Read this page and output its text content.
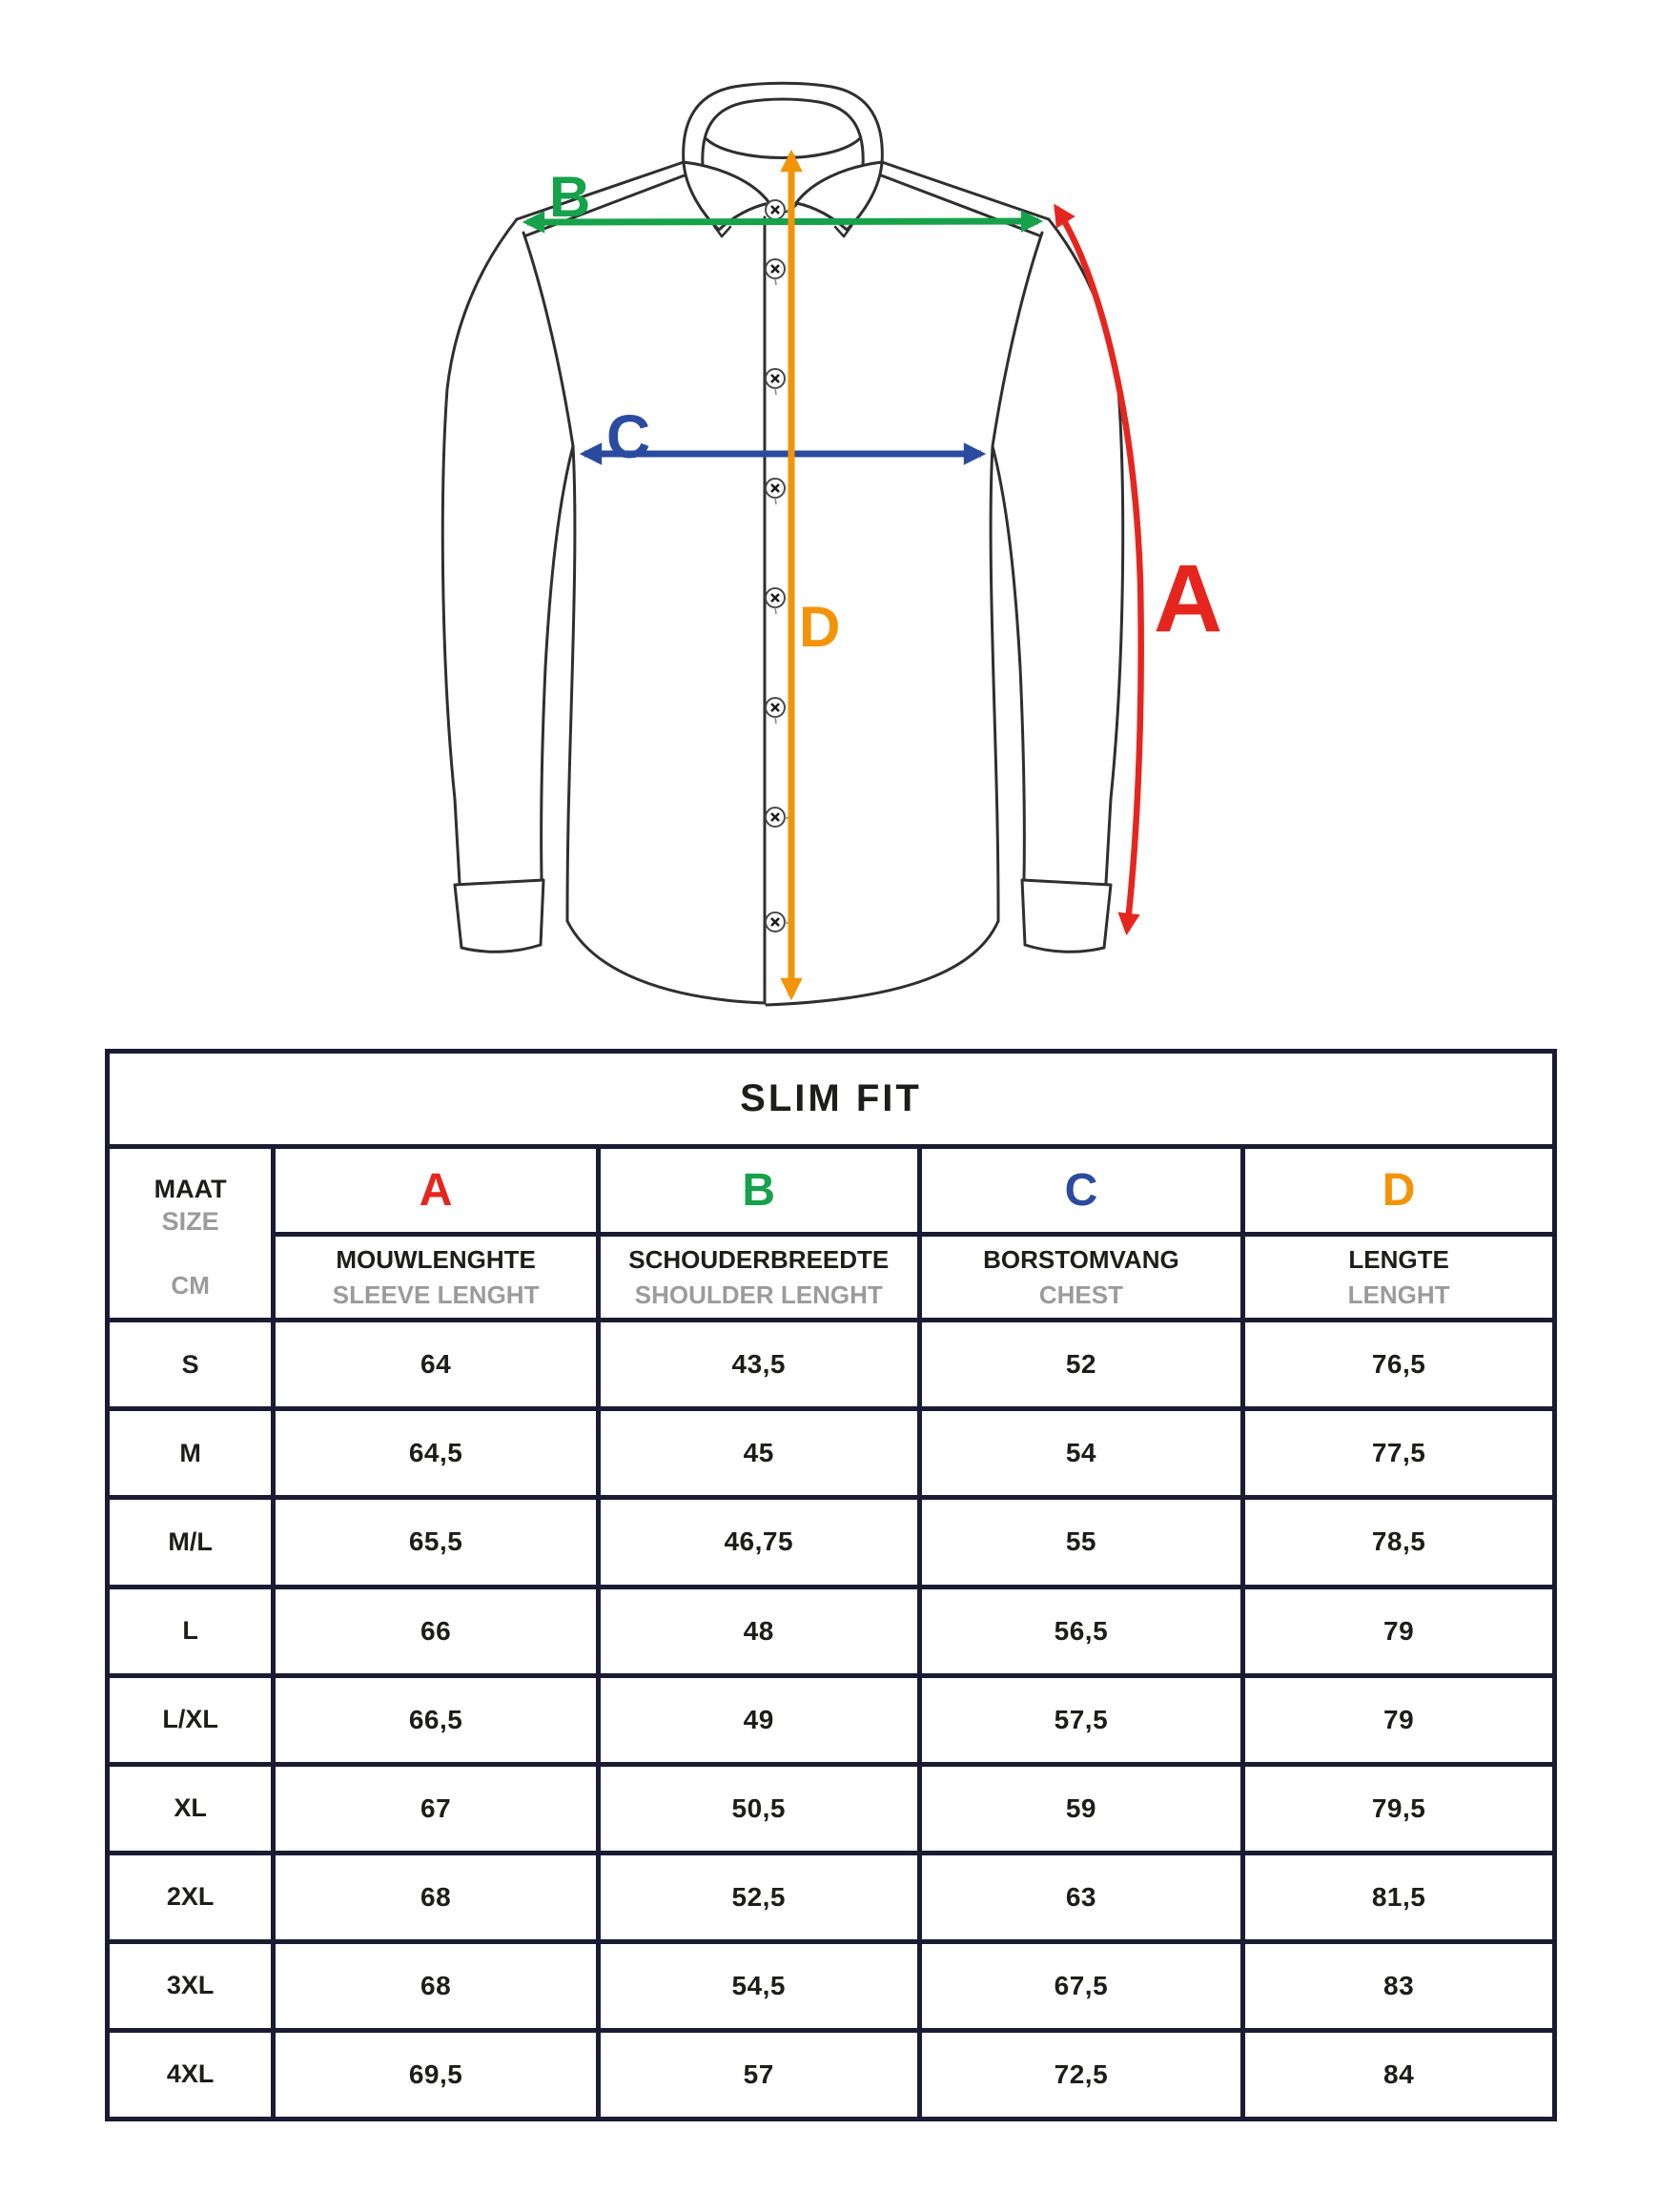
B
C
D	A
SLIM FIT
MAAT
SIZE
CM
A	B	C	D
MOUWLENGHTE
SLEEVE LENGHT
SCHOUDERBREEDTE
SHOULDER LENGHT
BORSTOMVANG
CHEST
LENGTE
LENGHT
S	64	43,5	52	76,5
M	64,5	45	54	77,5
M/L	65,5	46,75	55	78,5
L	66	48	56,5	79
L/XL	66,5	49	57,5	79
XL	67	50,5	59	79,5
2XL	68	52,5	63	81,5
3XL	68	54,5	67,5	83
4XL	69,5	57	72,5	84
